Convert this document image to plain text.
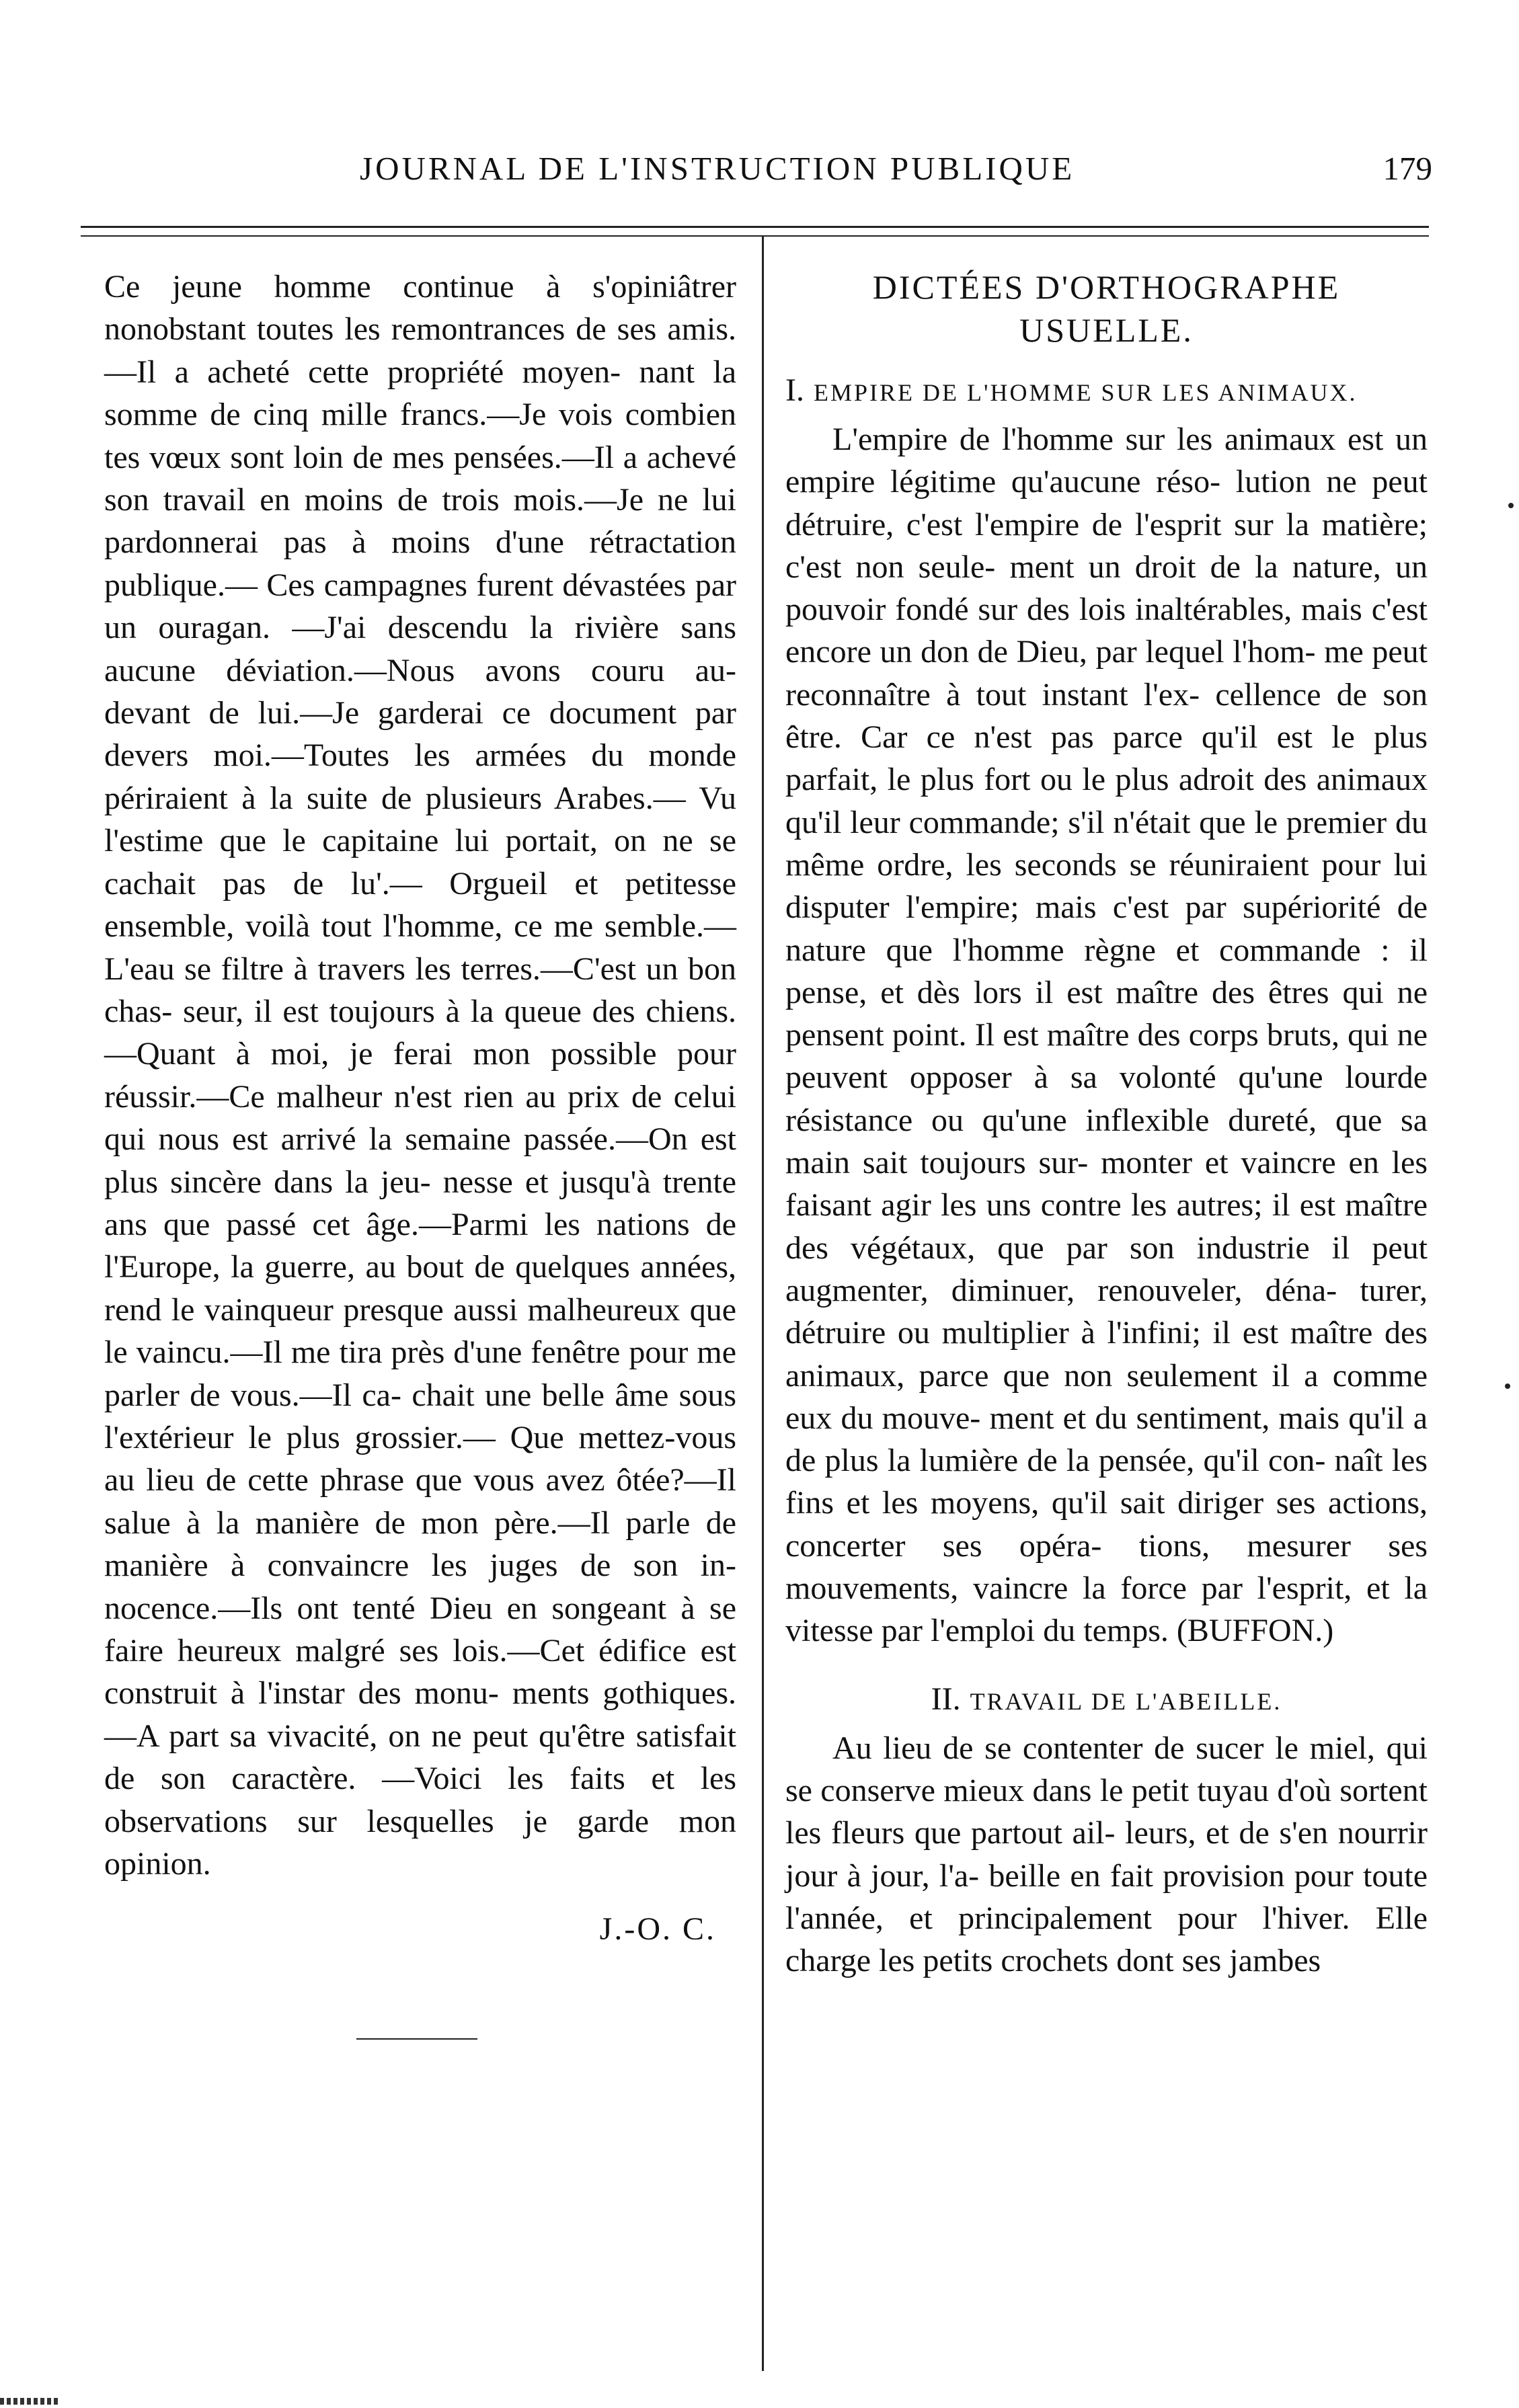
JOURNAL DE L'INSTRUCTION PUBLIQUE	179

Ce jeune homme continue à s'opiniâtrer nonobstant toutes les remontrances de ses amis.—Il a acheté cette propriété moyen- nant la somme de cinq mille francs.—Je vois combien tes vœux sont loin de mes pensées.—Il a achevé son travail en moins de trois mois.—Je ne lui pardonnerai pas à moins d'une rétractation publique.— Ces campagnes furent dévastées par un ouragan. —J'ai descendu la rivière sans aucune déviation.—Nous avons couru au- devant de lui.—Je garderai ce document par devers moi.—Toutes les armées du monde périraient à la suite de plusieurs Arabes.— Vu l'estime que le capitaine lui portait, on ne se cachait pas de lu'.— Orgueil et petitesse ensemble, voilà tout l'homme, ce me semble.—L'eau se filtre à travers les terres.—C'est un bon chas- seur, il est toujours à la queue des chiens. —Quant à moi, je ferai mon possible pour réussir.—Ce malheur n'est rien au prix de celui qui nous est arrivé la semaine passée.—On est plus sincère dans la jeu- nesse et jusqu'à trente ans que passé cet âge.—Parmi les nations de l'Europe, la guerre, au bout de quelques années, rend le vainqueur presque aussi malheureux que le vaincu.—Il me tira près d'une fenêtre pour me parler de vous.—Il ca- chait une belle âme sous l'extérieur le plus grossier.— Que mettez-vous au lieu de cette phrase que vous avez ôtée?—Il salue à la manière de mon père.—Il parle de manière à convaincre les juges de son in- nocence.—Ils ont tenté Dieu en songeant à se faire heureux malgré ses lois.—Cet édifice est construit à l'instar des monu- ments gothiques.—A part sa vivacité, on ne peut qu'être satisfait de son caractère. —Voici les faits et les observations sur lesquelles je garde mon opinion.

J.-O. C.
DICTÉES D'ORTHOGRAPHE
USUELLE.
I. EMPIRE DE L'HOMME SUR LES ANIMAUX.

L'empire de l'homme sur les animaux est un empire légitime qu'aucune réso- lution ne peut détruire, c'est l'empire de l'esprit sur la matière; c'est non seule- ment un droit de la nature, un pouvoir fondé sur des lois inaltérables, mais c'est encore un don de Dieu, par lequel l'hom- me peut reconnaître à tout instant l'ex- cellence de son être. Car ce n'est pas parce qu'il est le plus parfait, le plus fort ou le plus adroit des animaux qu'il leur commande; s'il n'était que le premier du même ordre, les seconds se réuniraient pour lui disputer l'empire; mais c'est par supériorité de nature que l'homme règne et commande : il pense, et dès lors il est maître des êtres qui ne pensent point. Il est maître des corps bruts, qui ne peuvent opposer à sa volonté qu'une lourde résistance ou qu'une inflexible dureté, que sa main sait toujours sur- monter et vaincre en les faisant agir les uns contre les autres; il est maître des végétaux, que par son industrie il peut augmenter, diminuer, renouveler, déna- turer, détruire ou multiplier à l'infini; il est maître des animaux, parce que non seulement il a comme eux du mouve- ment et du sentiment, mais qu'il a de plus la lumière de la pensée, qu'il con- naît les fins et les moyens, qu'il sait diriger ses actions, concerter ses opéra- tions, mesurer ses mouvements, vaincre la force par l'esprit, et la vitesse par l'emploi du temps. (BUFFON.)

II. TRAVAIL DE L'ABEILLE.

Au lieu de se contenter de sucer le miel, qui se conserve mieux dans le petit tuyau d'où sortent les fleurs que partout ail- leurs, et de s'en nourrir jour à jour, l'a- beille en fait provision pour toute l'année, et principalement pour l'hiver. Elle charge les petits crochets dont ses jambes
